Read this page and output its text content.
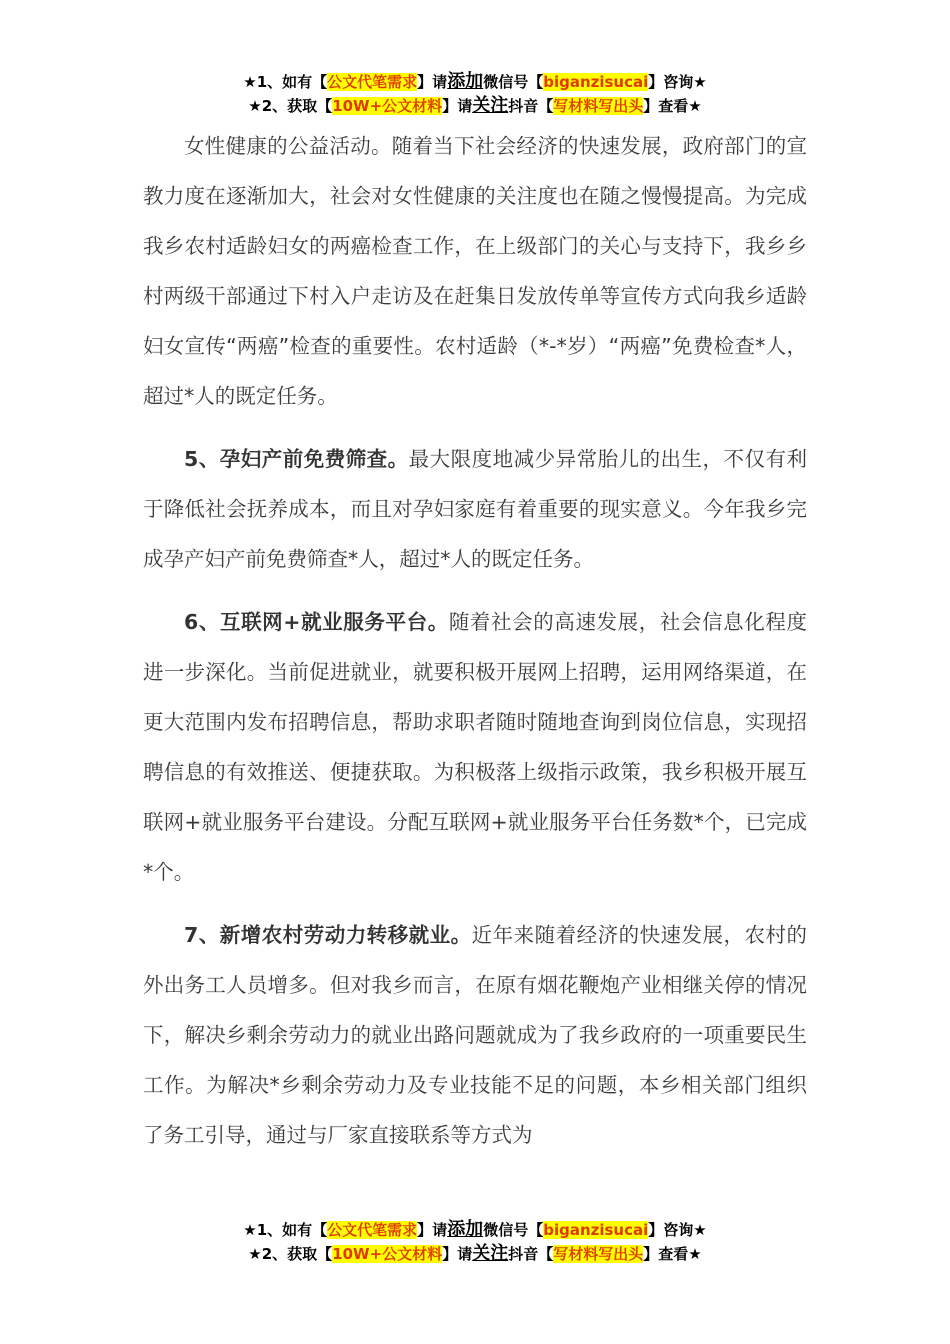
★1、如有【公文代笔需求】请添加微信号【biganzisucai】咨询★
★2、获取【10W+公文材料】请关注抖音【写材料写出头】查看★

女性健康的公益活动。随着当下社会经济的快速发展，政府部门的宣教力度在逐渐加大，社会对女性健康的关注度也在随之慢慢提高。为完成我乡农村适龄妇女的两癌检查工作，在上级部门的关心与支持下，我乡乡村两级干部通过下村入户走访及在赶集日发放传单等宣传方式向我乡适龄妇女宣传“两癌”检查的重要性。农村适龄（*-*岁）“两癌”免费检查*人，超过*人的既定任务。

5、孕妇产前免费筛查。最大限度地减少异常胎儿的出生，不仅有利于降低社会抚养成本，而且对孕妇家庭有着重要的现实意义。今年我乡完成孕产妇产前免费筛查*人，超过*人的既定任务。

6、互联网+就业服务平台。随着社会的高速发展，社会信息化程度进一步深化。当前促进就业，就要积极开展网上招聘，运用网络渠道，在更大范围内发布招聘信息，帮助求职者随时随地查询到岗位信息，实现招聘信息的有效推送、便捷获取。为积极落上级指示政策，我乡积极开展互联网+就业服务平台建设。分配互联网+就业服务平台任务数*个，已完成*个。

7、新增农村劳动力转移就业。近年来随着经济的快速发展，农村的外出务工人员增多。但对我乡而言，在原有烟花鞭炮产业相继关停的情况下，解决乡剩余劳动力的就业出路问题就成为了我乡政府的一项重要民生工作。为解决*乡剩余劳动力及专业技能不足的问题，本乡相关部门组织了务工引导，通过与厂家直接联系等方式为

★1、如有【公文代笔需求】请添加微信号【biganzisucai】咨询★
★2、获取【10W+公文材料】请关注抖音【写材料写出头】查看★
